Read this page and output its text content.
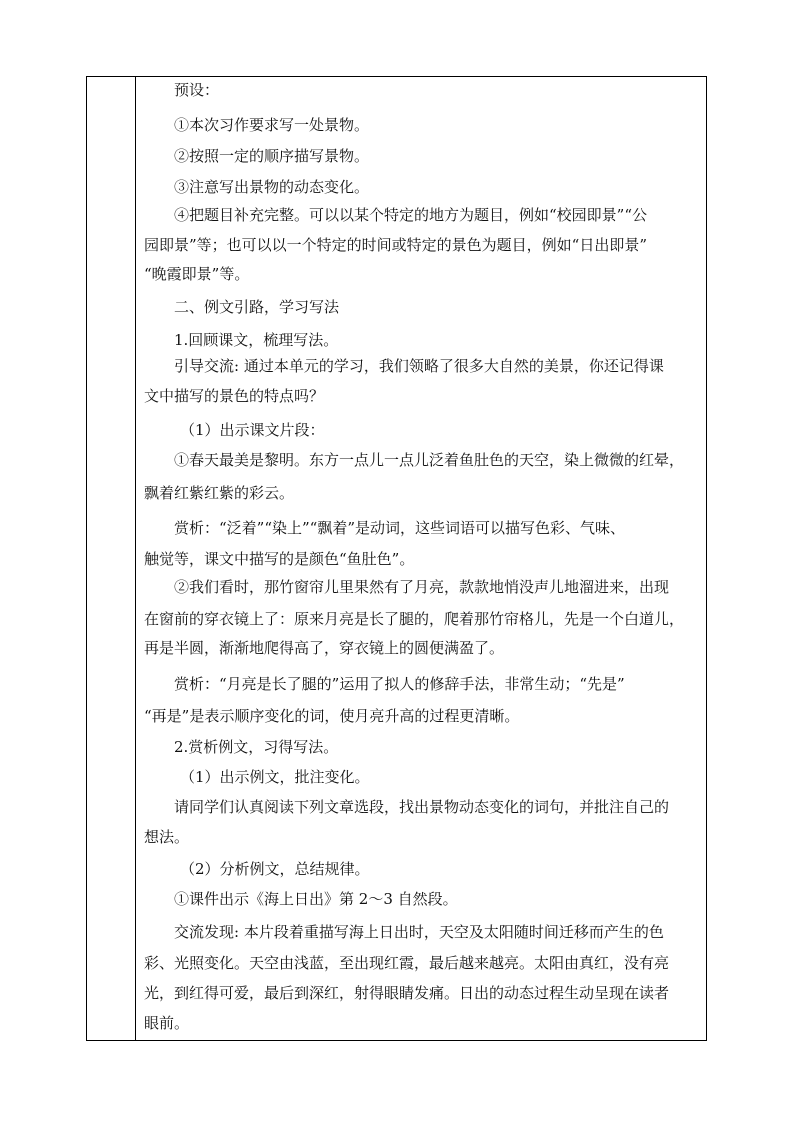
预设：
①本次习作要求写一处景物。
②按照一定的顺序描写景物。
③注意写出景物的动态变化。
④把题目补充完整。可以以某个特定的地方为题目，例如“校园即景”“公
园即景”等；也可以以一个特定的时间或特定的景色为题目，例如“日出即景”
“晚霞即景”等。
二、例文引路，学习写法
1.回顾课文，梳理写法。
引导交流: 通过本单元的学习，我们领略了很多大自然的美景，你还记得课
文中描写的景色的特点吗？
（1）出示课文片段：
①春天最美是黎明。东方一点儿一点儿泛着鱼肚色的天空，染上微微的红晕，
飘着红紫红紫的彩云。
赏析：“泛着”“染上”“飘着”是动词，这些词语可以描写色彩、气味、
触觉等，课文中描写的是颜色“鱼肚色”。
②我们看时，那竹窗帘儿里果然有了月亮，款款地悄没声儿地溜进来，出现
在窗前的穿衣镜上了：原来月亮是长了腿的，爬着那竹帘格儿，先是一个白道儿，
再是半圆，渐渐地爬得高了，穿衣镜上的圆便满盈了。
赏析：“月亮是长了腿的”运用了拟人的修辞手法，非常生动；“先是”
“再是”是表示顺序变化的词，使月亮升高的过程更清晰。
2.赏析例文，习得写法。
（1）出示例文，批注变化。
请同学们认真阅读下列文章选段，找出景物动态变化的词句，并批注自己的
想法。
（2）分析例文，总结规律。
①课件出示《海上日出》第 2～3 自然段。
交流发现: 本片段着重描写海上日出时，天空及太阳随时间迁移而产生的色
彩、光照变化。天空由浅蓝，至出现红霞，最后越来越亮。太阳由真红，没有亮
光，到红得可爱，最后到深红，射得眼睛发痛。日出的动态过程生动呈现在读者
眼前。
